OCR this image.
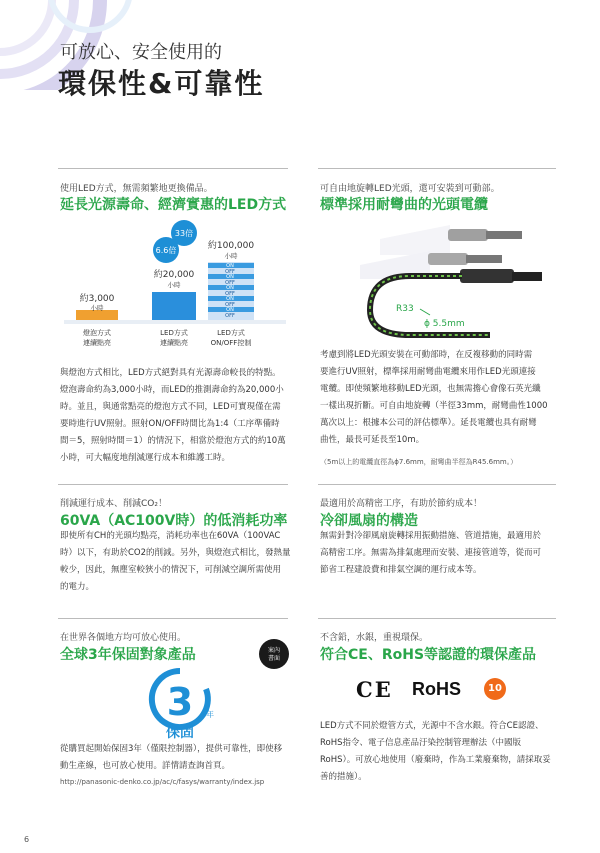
可放心、安全使用的
環保性&可靠性
使用LED方式，無需頻繁地更換備品。
延長光源壽命、經濟實惠的LED方式
6.6倍
33倍
約3,000
小時
約20,000
小時
ON
OFF
ON
OFF
ON
OFF
ON
OFF
ON
OFF
約100,000
小時
燈泡方式
連續點亮
LED方式
連續點亮
LED方式
ON/OFF控制
與燈泡方式相比，LED方式絕對具有光源壽命較長的特點。
燈泡壽命約為3,000小時，而LED的推測壽命約為20,000小
時。並且，與通常點亮的燈泡方式不同，LED可實現僅在需
要時進行UV照射。照射ON/OFF時間比為1:4（工序準備時
間＝5，照射時間＝1）的情況下，相當於燈泡方式的約10萬
小時，可大幅度地削減運行成本和維護工時。
可自由地旋轉LED光頭，還可安裝到可動部。
標準採用耐彎曲的光頭電纜
R33
ϕ 5.5mm
考慮到將LED光頭安裝在可動部時，在反複移動的同時需
要進行UV照射，標準採用耐彎曲電纜來用作LED光頭連接
電纜。即使頻繁地移動LED光頭，也無需擔心會像石英光纖
一樣出現折斷。可自由地旋轉（半徑33mm，耐彎曲性1000
萬次以上：根據本公司的評估標準）。延長電纜也具有耐彎
曲性，最長可延長至10m。
（5m以上的電纜直徑為ϕ7.6mm，耐彎曲半徑為R45.6mm。）
削減運行成本、削減CO₂！
60VA（AC100V時）的低消耗功率
即使所有CH的光頭均點亮，消耗功率也在60VA（100VAC
時）以下，有助於CO2的削減。另外，與燈泡式相比，發熱量
較少，因此，無塵室較狹小的情況下，可削減空調所需使用
的電力。
最適用於高精密工序，有助於節約成本！
冷卻風扇的構造
無需針對冷卻風扇旋轉採用振動措施、管道措施，最適用於
高精密工序。無需為排氣處理而安裝、連接管道等，從而可
節省工程建設費和排氣空調的運行成本等。
在世界各個地方均可放心使用。
全球3年保固對象產品	案內
書面
3 年
保固
從購買起開始保固3年（僅限控制器），提供可靠性，即使移
動生產線，也可放心使用。詳情請查詢首頁。
http://panasonic-denko.co.jp/ac/c/fasys/warranty/index.jsp
不含鉛，水銀，重視環保。
符合CE、RoHS等認證的環保產品
CE RoHS	10
LED方式不同於燈管方式，光源中不含水銀。符合CE認證、
RoHS指令、電子信息產品汙染控制管理辦法（中國版
RoHS）。可放心地使用（廢棄時，作為工業廢棄物，請採取妥
善的措施）。
6
